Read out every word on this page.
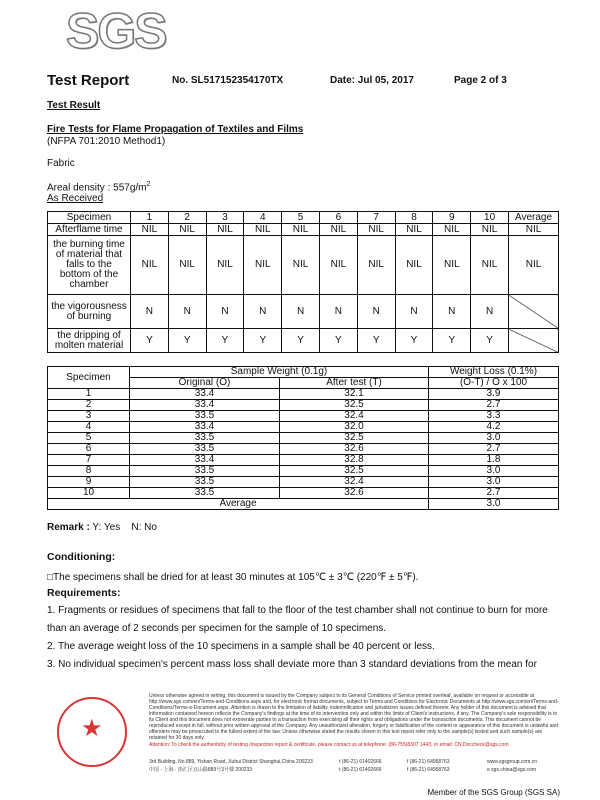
SGS
Test Report	No. SL517152354170TX	Date: Jul 05, 2017	Page 2 of 3
Test Result
Fire Tests for Flame Propagation of Textiles and Films
(NFPA 701:2010 Method1)
Fabric
Areal density : $557g/m^2$
As Received
Specimen	1	2	3	4	5	6	7	8	9	10	Average
Afterflame time	NIL	NIL	NIL	NIL	NIL	NIL	NIL	NIL	NIL	NIL	NIL
the burning time of material that falls to the bottom of the chamber	NIL	NIL	NIL	NIL	NIL	NIL	NIL	NIL	NIL	NIL	NIL
the vigorousness of burning	N	N	N	N	N	N	N	N	N	N	
the dripping of molten material	Y	Y	Y	Y	Y	Y	Y	Y	Y	Y	
Specimen	Sample Weight (0.1g)		Weight Loss (0.1%)
	Original (O)	After test (T)	(O-T) / O x 100
1	33.4	32.1	3.9
2	33.4	32.5	2.7
3	33.5	32.4	3.3
4	33.4	32.0	4.2
5	33.5	32.5	3.0
6	33.5	32.6	2.7
7	33.4	32.8	1.8
8	33.5	32.5	3.0
9	33.5	32.4	3.0
10	33.5	32.6	2.7
Average			3.0
Remark : Y: Yes    N: No
Conditioning:
□The specimens shall be dried for at least 30 minutes at 105℃ ± 3℃ (220℉ ± 5℉).
Requirements:
1. Fragments or residues of specimens that fall to the floor of the test chamber shall not continue to burn for more
than an average of 2 seconds per specimen for the sample of 10 specimens.
2. The average weight loss of the 10 specimens in a sample shall be 40 percent or less.
3. No individual specimen's percent mass loss shall deviate more than 3 standard deviations from the mean for
★
Unless otherwise agreed in writing, this document is issued by the Company subject to its General Conditions of Service printed overleaf, available on request or accessible at http://www.sgs.com/en/Terms-and-Conditions.aspx and, for electronic format documents, subject to Terms and Conditions for Electronic Documents at http://www.sgs.com/en/Terms-and-Conditions/Terms-e-Document.aspx. Attention is drawn to the limitation of liability, indemnification and jurisdiction issues defined therein. Any holder of this document is advised that information contained hereon reflects the Company's findings at the time of its intervention only and within the limits of Client's instructions, if any. The Company's sole responsibility is to its Client and this document does not exonerate parties to a transaction from exercising all their rights and obligations under the transaction documents. This document cannot be reproduced except in full, without prior written approval of the Company. Any unauthorized alteration, forgery or falsification of the content or appearance of this document is unlawful and offenders may be prosecuted to the fullest extent of the law. Unless otherwise stated the results shown in this test report refer only to the sample(s) tested and such sample(s) are retained for 30 days only.
Attention: To check the authenticity of testing /inspection report & certificate, please contact us at telephone: (86-755)8307 1443, or email: CN.Doccheck@sgs.com
3rd Building, No.889, Yishan Road, Xuhui District Shanghai,China 200233
中国 · 上海 · 徐汇区宜山路889号3号楼 200233
t (86-21) 61402666
t (86-21) 61402666
f (86-21) 64958763
f (86-21) 64958763
www.sgsgroup.com.cn
e sgs.china@sgs.com
Member of the SGS Group (SGS SA)
